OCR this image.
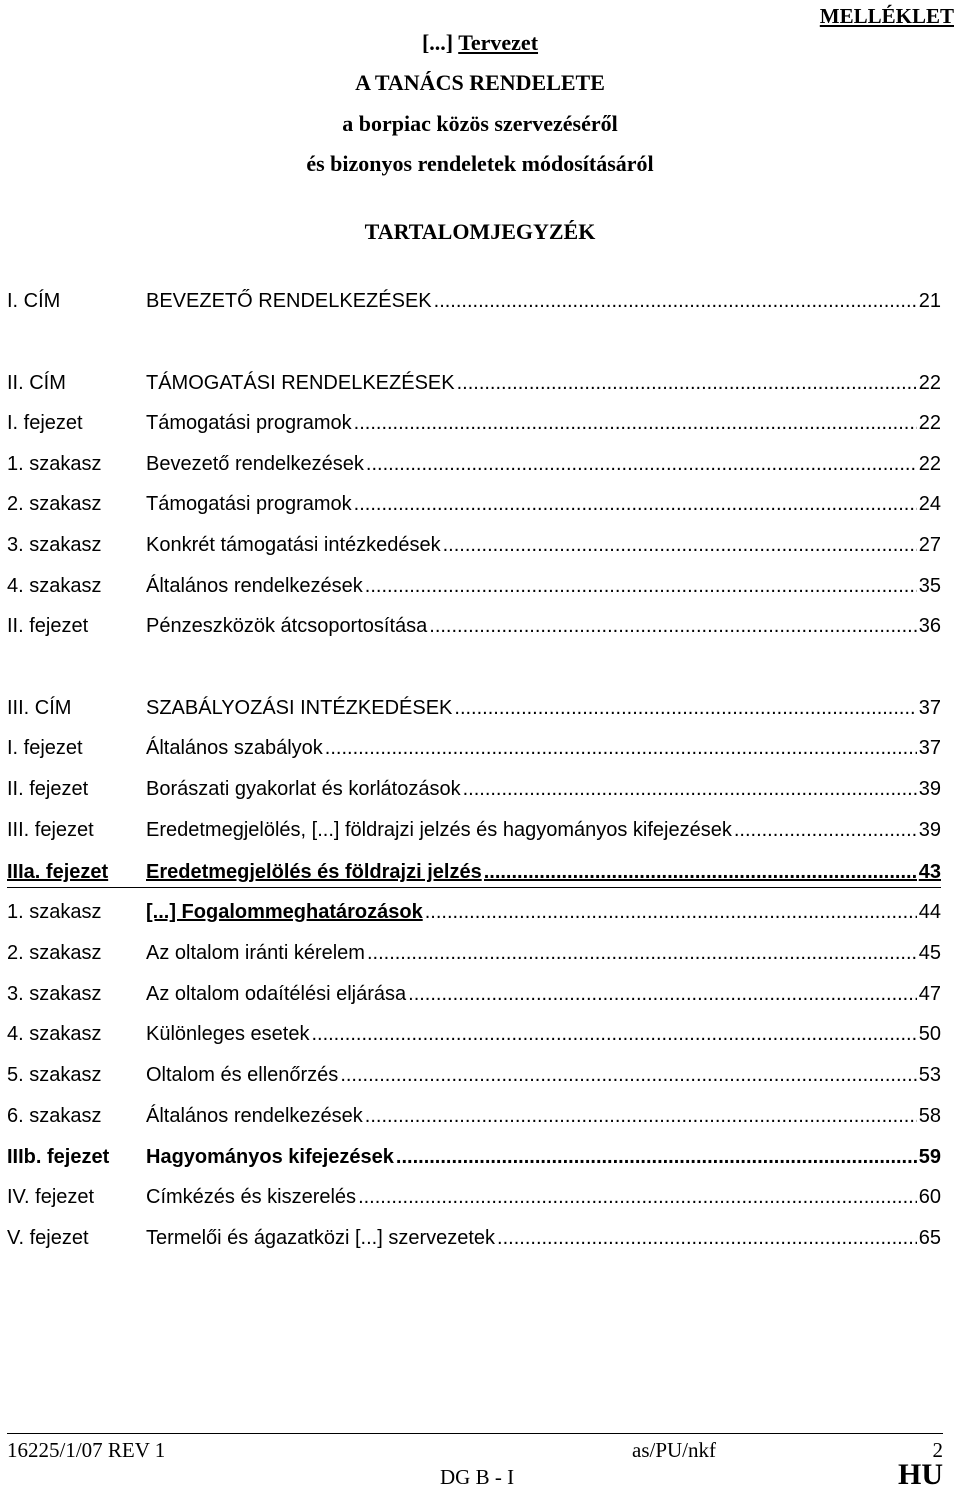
MELLÉKLET
[...] Tervezet
A TANÁCS RENDELETE
a borpiac közös szervezéséről
és bizonyos rendeletek módosításáról
TARTALOMJEGYZÉK
I. CÍM	BEVEZETŐ RENDELKEZÉSEK .....	21
II. CÍM	TÁMOGATÁSI RENDELKEZÉSEK .....	22
I. fejezet	Támogatási programok .....	22
1. szakasz Bevezető rendelkezések .....	22
2. szakasz Támogatási programok .....	24
3. szakasz Konkrét támogatási intézkedések .....	27
4. szakasz Általános rendelkezések .....	35
II. fejezet	Pénzeszközök átcsoportosítása .....	36
III. CÍM	SZABÁLYOZÁSI INTÉZKEDÉSEK .....	37
I. fejezet	Általános szabályok .....	37
II. fejezet	Borászati gyakorlat és korlátozások .....	39
III. fejezet	Eredetmegjelölés, [...] földrajzi jelzés és hagyományos kifejezések .....	39
IIIa. fejezet Eredetmegjelölés és földrajzi jelzés .....	43
1. szakasz [...] Fogalommeghatározások .....	44
2. szakasz Az oltalom iránti kérelem .....	45
3. szakasz Az oltalom odaítélési eljárása .....	47
4. szakasz Különleges esetek .....	50
5. szakasz Oltalom és ellenőrzés .....	53
6. szakasz Általános rendelkezések .....	58
IIIb. fejezet Hagyományos kifejezések .....	59
IV. fejezet	Címkézés és kiszerelés .....	60
V. fejezet	Termelői és ágazatközi [...] szervezetek .....	65
16225/1/07 REV 1	as/PU/nkf	2
DG B - I	HU
